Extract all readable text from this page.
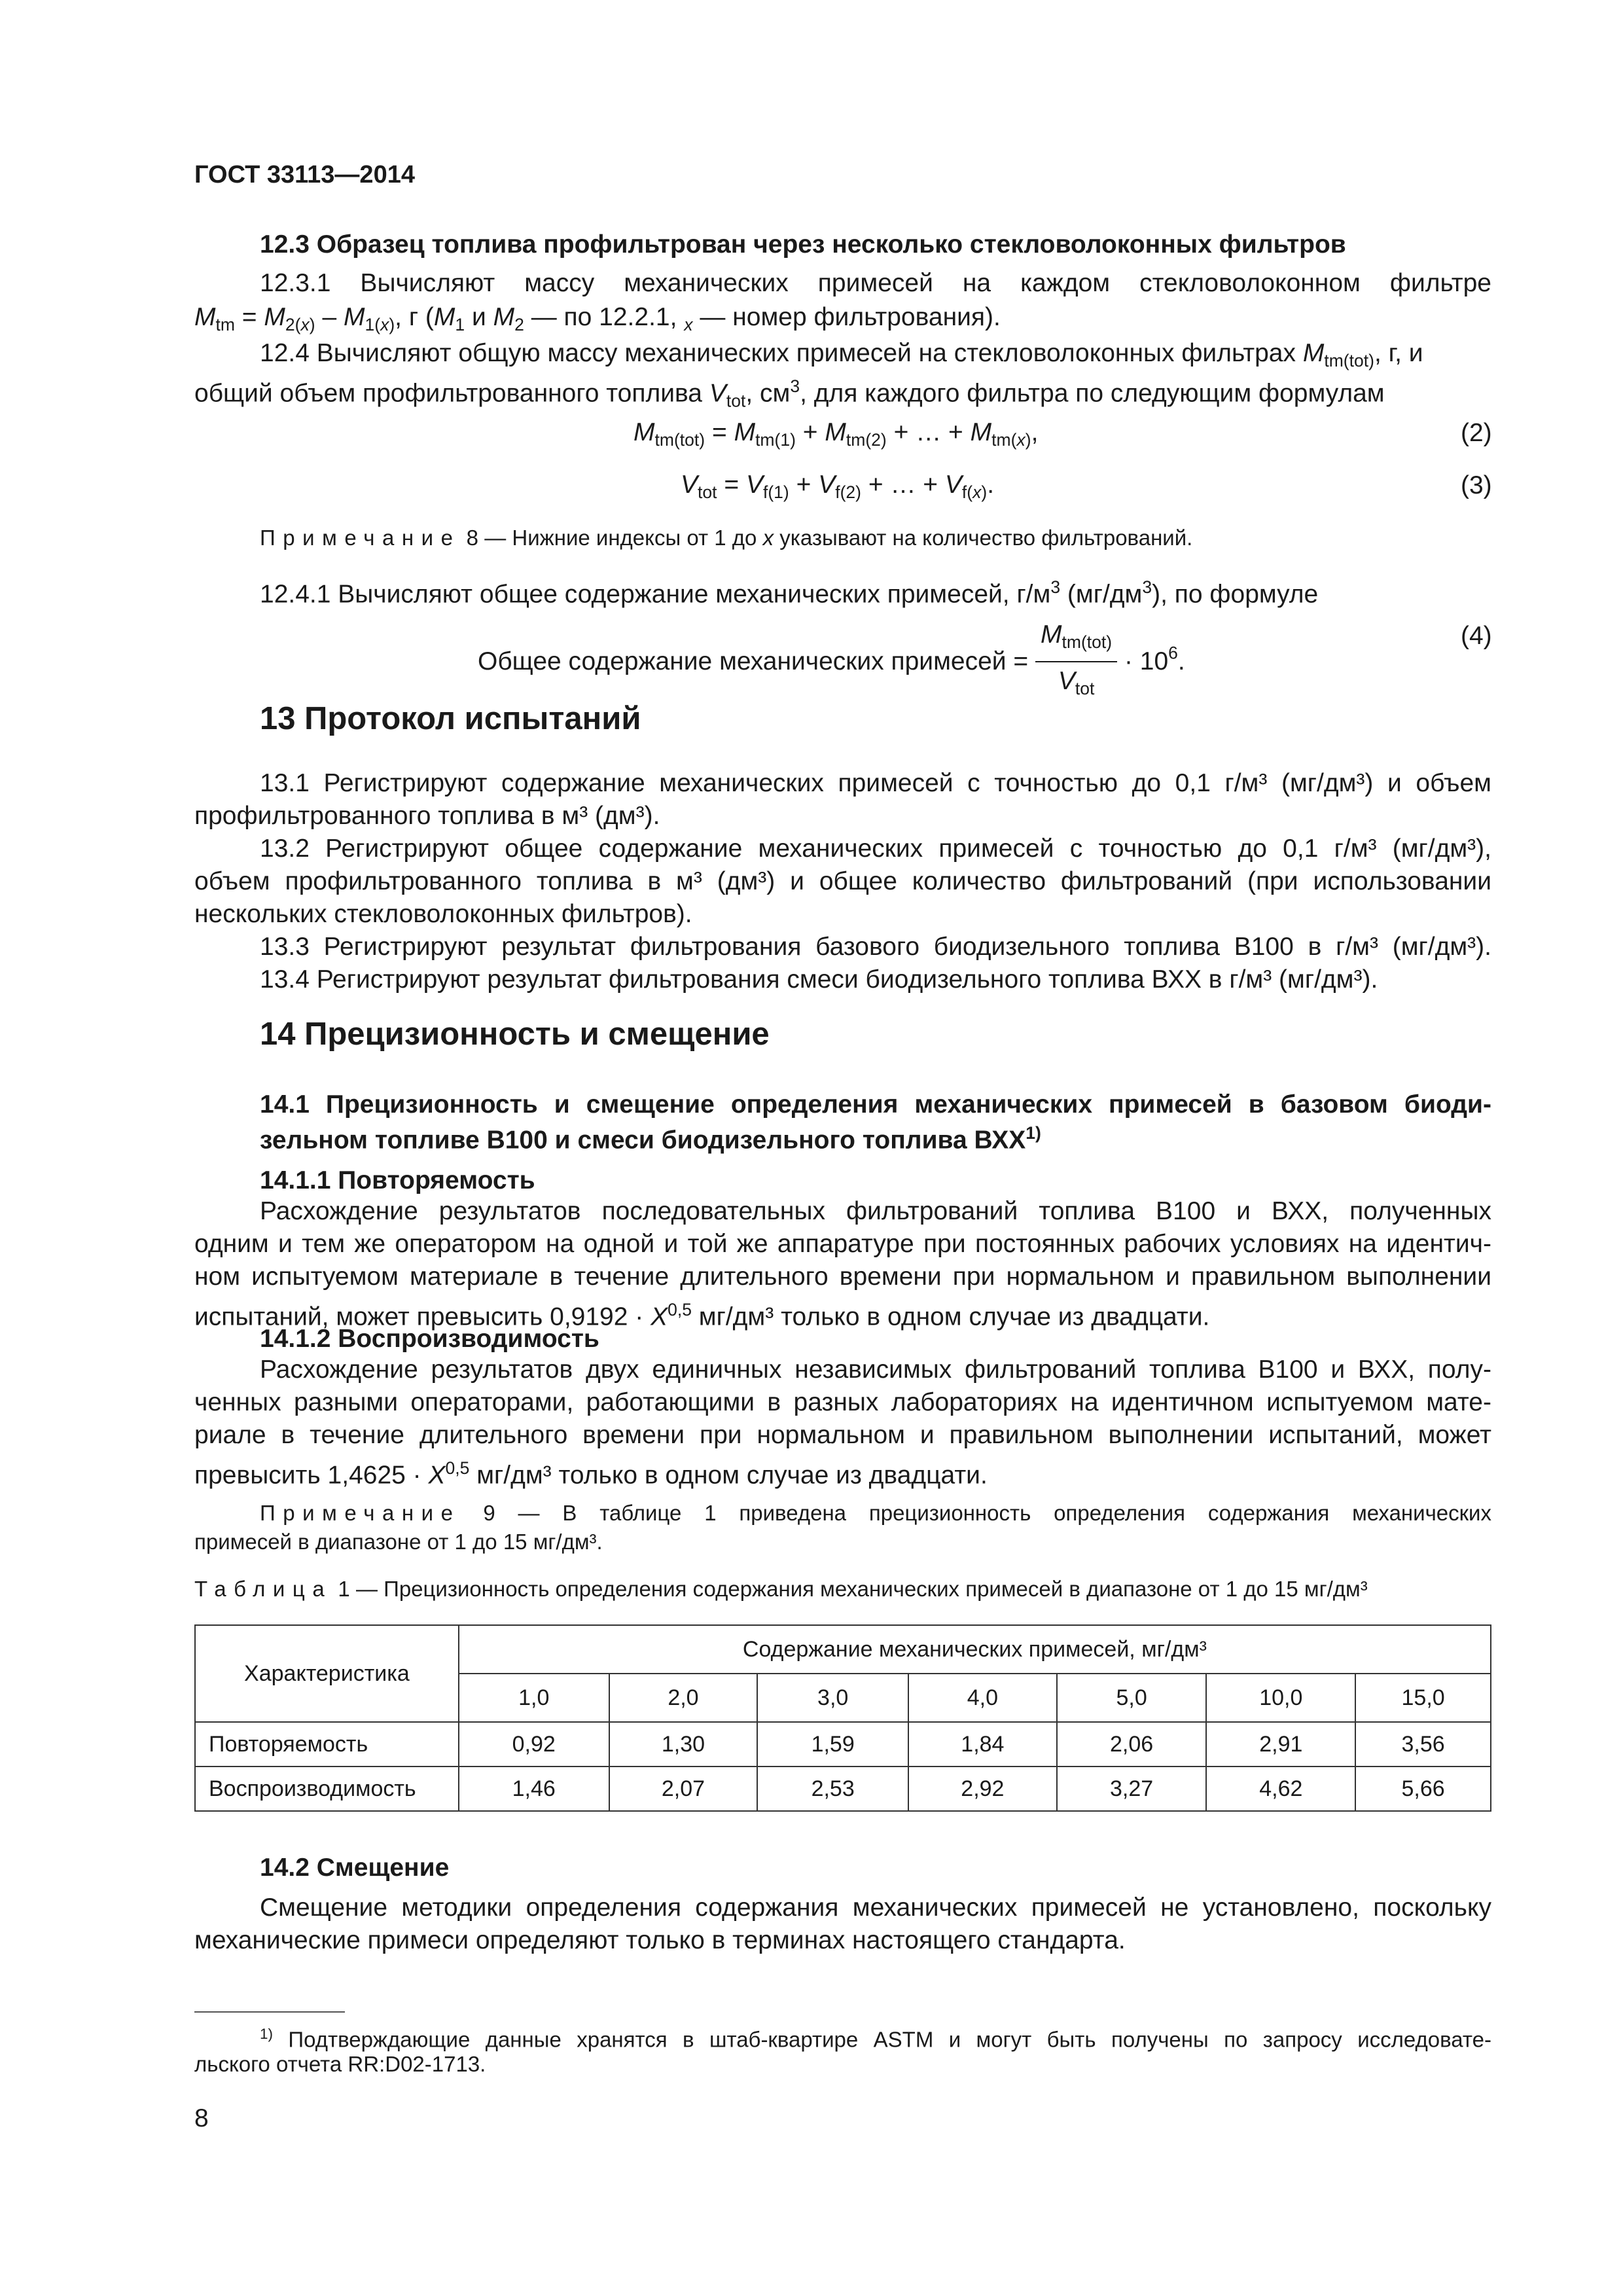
ГОСТ 33113—2014
12.3 Образец топлива профильтрован через несколько стекловолоконных фильтров
12.3.1 Вычисляют массу механических примесей на каждом стекловолоконном фильтре
$M_{tm} = M_{2(x)} - M_{1(x)}$, г ($M_1$ и $M_2$ — по 12.2.1, $_x$ — номер фильтрования).
12.4 Вычисляют общую массу механических примесей на стекловолоконных фильтрах $M_{tm(tot)}$, г, и
общий объем профильтрованного топлива $V_{tot}$, $см^3$, для каждого фильтра по следующим формулам
$M_{tm(tot)} = M_{tm(1)} + M_{tm(2)}$ + … + $M_{tm(x)}$,	(2)
$V_{tot} = V_{f(1)} + V_{f(2)}$ + … + $V_{f(x)}$.	(3)
Примечание 8 — Нижние индексы от 1 до x указывают на количество фильтрований.
12.4.1 Вычисляют общее содержание механических примесей, $г/м^3$ $(мг/дм^3)$, по формуле
Общее содержание механических примесей = $\frac{M_{tm(tot)}}{V_{tot}} \cdot 10^6$.
(4)
13 Протокол испытаний
13.1 Регистрируют содержание механических примесей с точностью до 0,1 г/м³ (мг/дм³) и объем
профильтрованного топлива в м³ (дм³).
13.2 Регистрируют общее содержание механических примесей с точностью до 0,1 г/м³ (мг/дм³),
объем профильтрованного топлива в м³ (дм³) и общее количество фильтрований (при использовании
нескольких стекловолоконных фильтров).
13.3 Регистрируют результат фильтрования базового биодизельного топлива В100 в г/м³ (мг/дм³).
13.4 Регистрируют результат фильтрования смеси биодизельного топлива ВХХ в г/м³ (мг/дм³).
14 Прецизионность и смещение
14.1 Прецизионность и смещение определения механических примесей в базовом биоди-
зельном топливе В100 и смеси биодизельного топлива ВХХ$^{1)}$
14.1.1 Повторяемость
Расхождение результатов последовательных фильтрований топлива В100 и ВХХ, полученных
одним и тем же оператором на одной и той же аппаратуре при постоянных рабочих условиях на идентич-
ном испытуемом материале в течение длительного времени при нормальном и правильном выполнении
испытаний, может превысить 0,9192 · X$^{0,5}$ мг/дм³ только в одном случае из двадцати.
14.1.2 Воспроизводимость
Расхождение результатов двух единичных независимых фильтрований топлива В100 и ВХХ, полу-
ченных разными операторами, работающими в разных лабораториях на идентичном испытуемом мате-
риале в течение длительного времени при нормальном и правильном выполнении испытаний, может
превысить 1,4625 · X$^{0,5}$ мг/дм³ только в одном случае из двадцати.
Примечание 9 — В таблице 1 приведена прецизионность определения содержания механических
примесей в диапазоне от 1 до 15 мг/дм³.
Таблица 1 — Прецизионность определения содержания механических примесей в диапазоне от 1 до 15 мг/дм³
Характеристика	Содержание механических примесей, мг/дм³						
	1,0	2,0	3,0	4,0	5,0	10,0	15,0
Повторяемость	0,92	1,30	1,59	1,84	2,06	2,91	3,56
Воспроизводимость	1,46	2,07	2,53	2,92	3,27	4,62	5,66
14.2 Смещение
Смещение методики определения содержания механических примесей не установлено, поскольку
механические примеси определяют только в терминах настоящего стандарта.
$^{1)}$ Подтверждающие данные хранятся в штаб-квартире ASTM и могут быть получены по запросу исследовате-
льского отчета RR:D02-1713.
8
